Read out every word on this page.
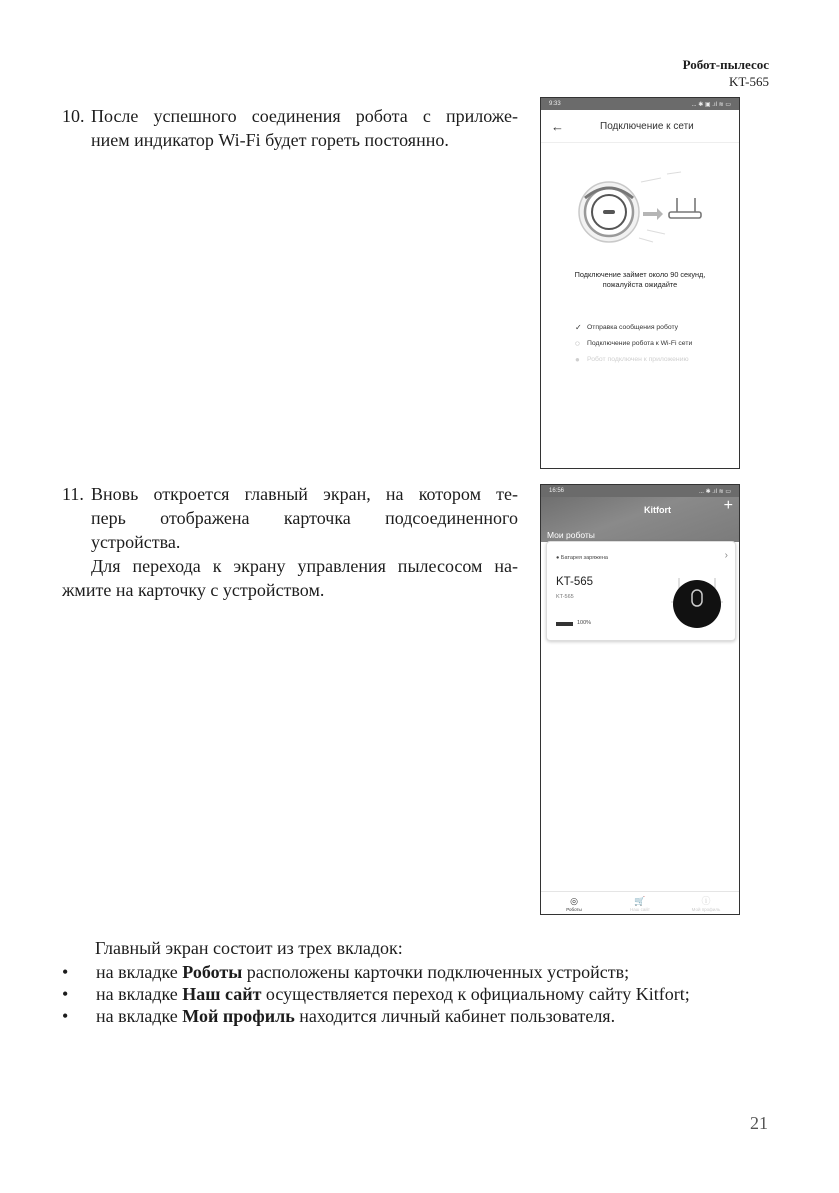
Робот-пылесос
KT-565
10. После успешного соединения робота с приложе-
нием индикатор Wi-Fi будет гореть постоянно.
9:33	... ✱ ▣ .ıl ≋ ▭
←	Подключение к сети
Подключение займет около 90 секунд,
пожалуйста ожидайте
✓ Отправка сообщения роботу
◌	Подключение робота к Wi-Fi сети
●	Робот подключен к приложению
11. Вновь откроется главный экран, на котором те-
перь отображена карточка подсоединенного
устройства.
Для перехода к экрану управления пылесосом на-жмите на карточку с устройством.
16:56	... ✱ .ıl ≋ ▭
Kitfort	+
Мои роботы
● Батарея заряжена	›
KT-565
KT-565
100%
◎
Роботы
🛒
Наш сайт
ⓘ
Мой профиль
Главный экран состоит из трех вкладок:
• на вкладке Роботы расположены карточки подключенных устройств;
• на вкладке Наш сайт осуществляется переход к официальному сайту Kitfort;
• на вкладке Мой профиль находится личный кабинет пользователя.
21
